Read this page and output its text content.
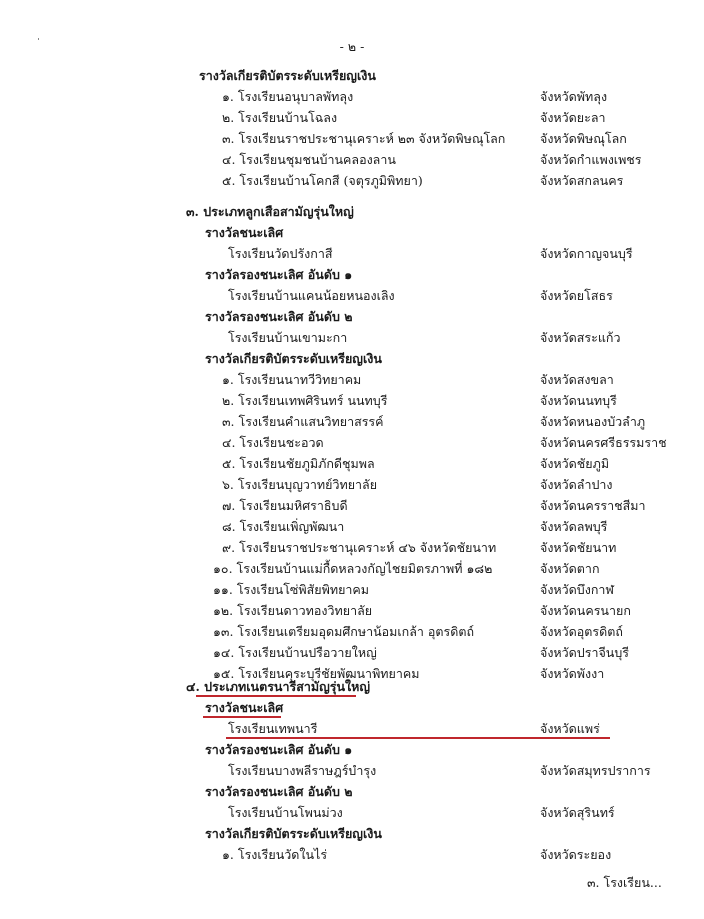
- ๒ -
รางวัลเกียรติบัตรระดับเหรียญเงิน
๑. โรงเรียนอนุบาลพัทลุง	จังหวัดพัทลุง
๒. โรงเรียนบ้านโฉลง	จังหวัดยะลา
๓. โรงเรียนราชประชานุเคราะห์ ๒๓ จังหวัดพิษณุโลก	จังหวัดพิษณุโลก
๔. โรงเรียนชุมชนบ้านคลองลาน	จังหวัดกำแพงเพชร
๕. โรงเรียนบ้านโคกสี (จตุรภูมิพิทยา)	จังหวัดสกลนคร
๓. ประเภทลูกเสือสามัญรุ่นใหญ่
รางวัลชนะเลิศ
โรงเรียนวัดปรังกาสี	จังหวัดกาญจนบุรี
รางวัลรองชนะเลิศ อันดับ ๑
โรงเรียนบ้านแคนน้อยหนองเลิง	จังหวัดยโสธร
รางวัลรองชนะเลิศ อันดับ ๒
โรงเรียนบ้านเขามะกา	จังหวัดสระแก้ว
รางวัลเกียรติบัตรระดับเหรียญเงิน
๑. โรงเรียนนาทวีวิทยาคม	จังหวัดสงขลา
๒. โรงเรียนเทพศิรินทร์ นนทบุรี	จังหวัดนนทบุรี
๓. โรงเรียนคำแสนวิทยาสรรค์	จังหวัดหนองบัวลำภู
๔. โรงเรียนชะอวด	จังหวัดนครศรีธรรมราช
๕. โรงเรียนชัยภูมิภักดีชุมพล	จังหวัดชัยภูมิ
๖. โรงเรียนบุญวาทย์วิทยาลัย	จังหวัดลำปาง
๗. โรงเรียนมหิศราธิบดี	จังหวัดนครราชสีมา
๘. โรงเรียนเพิ่ญพัฒนา	จังหวัดลพบุรี
๙. โรงเรียนราชประชานุเคราะห์ ๔๖ จังหวัดชัยนาท	จังหวัดชัยนาท
๑๐. โรงเรียนบ้านแม่กื้ดหลวงกัญไชยมิตรภาพที่ ๑๘๒	จังหวัดตาก
๑๑. โรงเรียนโซ่พิสัยพิทยาคม	จังหวัดบึงกาฬ
๑๒. โรงเรียนดาวทองวิทยาลัย	จังหวัดนครนายก
๑๓. โรงเรียนเตรียมอุดมศึกษาน้อมเกล้า อุตรดิตถ์	จังหวัดอุตรดิตถ์
๑๔. โรงเรียนบ้านปรือวายใหญ่	จังหวัดปราจีนบุรี
๑๕. โรงเรียนคุระบุรีชัยพัฒนาพิทยาคม	จังหวัดพังงา
๔. ประเภทเนตรนารีสามัญรุ่นใหญ่
รางวัลชนะเลิศ
โรงเรียนเทพนารี	จังหวัดแพร่
รางวัลรองชนะเลิศ อันดับ ๑
โรงเรียนบางพลีราษฎร์บำรุง	จังหวัดสมุทรปราการ
รางวัลรองชนะเลิศ อันดับ ๒
โรงเรียนบ้านโพนม่วง	จังหวัดสุรินทร์
รางวัลเกียรติบัตรระดับเหรียญเงิน
๑. โรงเรียนวัดในไร่	จังหวัดระยอง
๓. โรงเรียน...
